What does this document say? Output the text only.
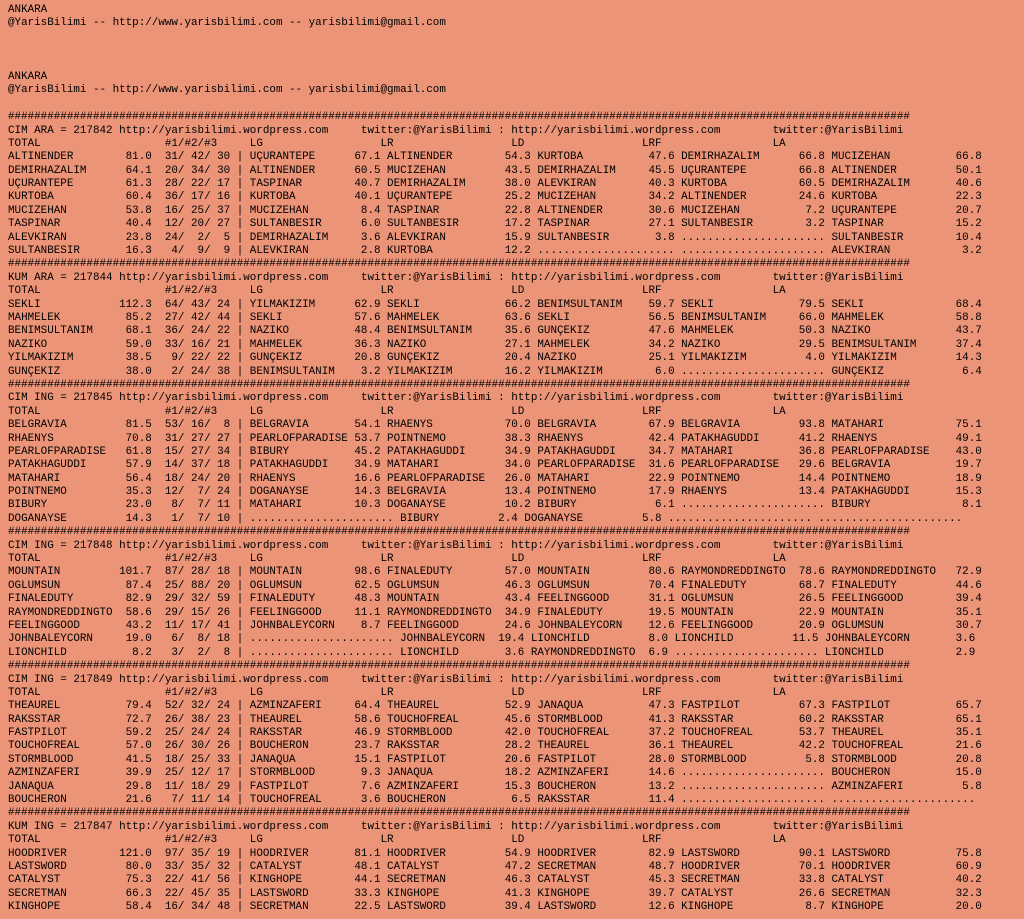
ANKARA
@YarisBilimi -- http://www.yarisbilimi.com -- yarisbilimi@gmail.com

ANKARA
@YarisBilimi -- http://www.yarisbilimi.com -- yarisbilimi@gmail.com

##########################################################################################################################################
CIM ARA = 217842 http://yarisbilimi.wordpress.com     twitter:@YarisBilimi : http://yarisbilimi.wordpress.com        twitter:@YarisBilimi
TOTAL                   #1/#2/#3     LG                  LR                  LD                  LRF                 LA
ALTINENDER        81.0  31/ 42/ 30 | UÇURANTEPE      67.1 ALTINENDER        54.3 KURTOBA          47.6 DEMIRHAZALIM      66.8 MUCIZEHAN          66.8
DEMIRHAZALIM      64.1  20/ 34/ 30 | ALTINENDER      60.5 MUCIZEHAN         43.5 DEMIRHAZALIM     45.5 UÇURANTEPE        66.8 ALTINENDER         50.1
UÇURANTEPE        61.3  28/ 22/ 17 | TASPINAR        40.7 DEMIRHAZALIM      38.0 ALEVKIRAN        40.3 KURTOBA           60.5 DEMIRHAZALIM       40.6
KURTOBA           60.4  36/ 17/ 16 | KURTOBA         40.1 UÇURANTEPE        25.2 MUCIZEHAN        34.2 ALTINENDER        24.6 KURTOBA            22.3
MUCIZEHAN         53.8  16/ 25/ 37 | MUCIZEHAN        8.4 TASPINAR          22.8 ALTINENDER       30.6 MUCIZEHAN          7.2 UÇURANTEPE         20.7
TASPINAR          40.4  12/ 20/ 27 | SULTANBESIR      6.0 SULTANBESIR       17.2 TASPINAR         27.1 SULTANBESIR        3.2 TASPINAR           15.2
ALEVKIRAN         23.8  24/  2/  5 | DEMIRHAZALIM     3.6 ALEVKIRAN         15.9 SULTANBESIR       3.8 ...................... SULTANBESIR        10.4
SULTANBESIR       16.3   4/  9/  9 | ALEVKIRAN        2.8 KURTOBA           12.2 ..................... ...................... ALEVKIRAN           3.2
##########################################################################################################################################
KUM ARA = 217844 http://yarisbilimi.wordpress.com     twitter:@YarisBilimi : http://yarisbilimi.wordpress.com        twitter:@YarisBilimi
TOTAL                   #1/#2/#3     LG                  LR                  LD                  LRF                 LA
SEKLI            112.3  64/ 43/ 24 | YILMAKIZIM      62.9 SEKLI             66.2 BENIMSULTANIM    59.7 SEKLI             79.5 SEKLI              68.4
MAHMELEK          85.2  27/ 42/ 44 | SEKLI           57.6 MAHMELEK          63.6 SEKLI            56.5 BENIMSULTANIM     66.0 MAHMELEK           58.8
BENIMSULTANIM     68.1  36/ 24/ 22 | NAZIKO          48.4 BENIMSULTANIM     35.6 GÜNÇEKIZ         47.6 MAHMELEK          50.3 NAZIKO             43.7
NAZIKO            59.0  33/ 16/ 21 | MAHMELEK        36.3 NAZIKO            27.1 MAHMELEK         34.2 NAZIKO            29.5 BENIMSULTANIM      37.4
YILMAKIZIM        38.5   9/ 22/ 22 | GÜNÇEKIZ        20.8 GÜNÇEKIZ          20.4 NAZIKO           25.1 YILMAKIZIM         4.0 YILMAKIZIM         14.3
GÜNÇEKIZ          38.0   2/ 24/ 38 | BENIMSULTANIM    3.2 YILMAKIZIM        16.2 YILMAKIZIM        6.0 ...................... GÜNÇEKIZ            6.4
##########################################################################################################################################
CIM ING = 217845 http://yarisbilimi.wordpress.com     twitter:@YarisBilimi : http://yarisbilimi.wordpress.com        twitter:@YarisBilimi
TOTAL                   #1/#2/#3     LG                  LR                  LD                  LRF                 LA
BELGRAVIA         81.5  53/ 16/  8 | BELGRAVIA       54.1 RHAENYS           70.0 BELGRAVIA        67.9 BELGRAVIA         93.8 MATAHARI           75.1
RHAENYS           70.8  31/ 27/ 27 | PEARLOFPARADISE 53.7 POINTNEMO         38.3 RHAENYS          42.4 PATAKHAGUDDI      41.2 RHAENYS            49.1
PEARLOFPARADISE   61.8  15/ 27/ 34 | BIBURY          45.2 PATAKHAGUDDI      34.9 PATAKHAGUDDI     34.7 MATAHARI          36.8 PEARLOFPARADISE    43.0
PATAKHAGUDDI      57.9  14/ 37/ 18 | PATAKHAGUDDI    34.9 MATAHARI          34.0 PEARLOFPARADISE  31.6 PEARLOFPARADISE   29.6 BELGRAVIA          19.7
MATAHARI          56.4  18/ 24/ 20 | RHAENYS         16.6 PEARLOFPARADISE   26.0 MATAHARI         22.9 POINTNEMO         14.4 POINTNEMO          18.9
POINTNEMO         35.3  12/  7/ 24 | DOGANAYSE       14.3 BELGRAVIA         13.4 POINTNEMO        17.9 RHAENYS           13.4 PATAKHAGUDDI       15.3
BIBURY            23.0   8/  7/ 11 | MATAHARI        10.3 DOGANAYSE         10.2 BIBURY            6.1 ...................... BIBURY              8.1
DOGANAYSE         14.3   1/  7/ 10 | ...................... BIBURY         2.4 DOGANAYSE         5.8 ...................... ......................
##########################################################################################################################################
CIM ING = 217848 http://yarisbilimi.wordpress.com     twitter:@YarisBilimi : http://yarisbilimi.wordpress.com        twitter:@YarisBilimi
TOTAL                   #1/#2/#3     LG                  LR                  LD                  LRF                 LA
MOUNTAIN         101.7  87/ 28/ 18 | MOUNTAIN        98.6 FINALEDUTY        57.0 MOUNTAIN         80.6 RAYMONDREDDINGTO  78.6 RAYMONDREDDINGTO   72.9
OGLUMSUN          87.4  25/ 88/ 20 | OGLUMSUN        62.5 OGLUMSUN          46.3 OGLUMSUN         70.4 FINALEDUTY        68.7 FINALEDUTY         44.6
FINALEDUTY        82.9  29/ 32/ 59 | FINALEDUTY      48.3 MOUNTAIN          43.4 FEELINGGOOD      31.1 OGLUMSUN          26.5 FEELINGGOOD        39.4
RAYMONDREDDINGTO  58.6  29/ 15/ 26 | FEELINGGOOD     11.1 RAYMONDREDDINGTO  34.9 FINALEDUTY       19.5 MOUNTAIN          22.9 MOUNTAIN           35.1
FEELINGGOOD       43.2  11/ 17/ 41 | JOHNBALEYCORN    8.7 FEELINGGOOD       24.6 JOHNBALEYCORN    12.6 FEELINGGOOD       20.9 OGLUMSUN           30.7
JOHNBALEYCORN     19.0   6/  8/ 18 | ...................... JOHNBALEYCORN  19.4 LIONCHILD         8.0 LIONCHILD         11.5 JOHNBALEYCORN       3.6
LIONCHILD          8.2   3/  2/  8 | ...................... LIONCHILD       3.6 RAYMONDREDDINGTO  6.9 ...................... LIONCHILD           2.9
##########################################################################################################################################
CIM ING = 217849 http://yarisbilimi.wordpress.com     twitter:@YarisBilimi : http://yarisbilimi.wordpress.com        twitter:@YarisBilimi
TOTAL                   #1/#2/#3     LG                  LR                  LD                  LRF                 LA
THEAUREL          79.4  52/ 32/ 24 | AZMINZAFERI     64.4 THEAUREL          52.9 JANAQUA          47.3 FASTPILOT         67.3 FASTPILOT          65.7
RAKSSTAR          72.7  26/ 38/ 23 | THEAUREL        58.6 TOUCHOFREAL       45.6 STORMBLOOD       41.3 RAKSSTAR          60.2 RAKSSTAR           65.1
FASTPILOT         59.2  25/ 24/ 24 | RAKSSTAR        46.9 STORMBLOOD        42.0 TOUCHOFREAL      37.2 TOUCHOFREAL       53.7 THEAUREL           35.1
TOUCHOFREAL       57.0  26/ 30/ 26 | BOUCHERON       23.7 RAKSSTAR          28.2 THEAUREL         36.1 THEAUREL          42.2 TOUCHOFREAL        21.6
STORMBLOOD        41.5  18/ 25/ 33 | JANAQUA         15.1 FASTPILOT         20.6 FASTPILOT        28.0 STORMBLOOD         5.8 STORMBLOOD         20.8
AZMINZAFERI       39.9  25/ 12/ 17 | STORMBLOOD       9.3 JANAQUA           18.2 AZMINZAFERI      14.6 ...................... BOUCHERON          15.0
JANAQUA           29.8  11/ 18/ 29 | FASTPILOT        7.6 AZMINZAFERI       15.3 BOUCHERON        13.2 ...................... AZMINZAFERI         5.8
BOUCHERON         21.6   7/ 11/ 14 | TOUCHOFREAL      3.6 BOUCHERON          6.5 RAKSSTAR         11.4 ...................... ......................
##########################################################################################################################################
KUM ING = 217847 http://yarisbilimi.wordpress.com     twitter:@YarisBilimi : http://yarisbilimi.wordpress.com        twitter:@YarisBilimi
TOTAL                   #1/#2/#3     LG                  LR                  LD                  LRF                 LA
HOODRIVER        121.0  97/ 35/ 19 | HOODRIVER       81.1 HOODRIVER         54.9 HOODRIVER        82.9 LASTSWORD         90.1 LASTSWORD          75.8
LASTSWORD         80.0  33/ 35/ 32 | CATALYST        48.1 CATALYST          47.2 SECRETMAN        48.7 HOODRIVER         70.1 HOODRIVER          60.9
CATALYST          75.3  22/ 41/ 56 | KINGHOPE        44.1 SECRETMAN         46.3 CATALYST         45.3 SECRETMAN         33.8 CATALYST           40.2
SECRETMAN         66.3  22/ 45/ 35 | LASTSWORD       33.3 KINGHOPE          41.3 KINGHOPE         39.7 CATALYST          26.6 SECRETMAN          32.3
KINGHOPE          58.4  16/ 34/ 48 | SECRETMAN       22.5 LASTSWORD         39.4 LASTSWORD        12.6 KINGHOPE           8.7 KINGHOPE           20.0
